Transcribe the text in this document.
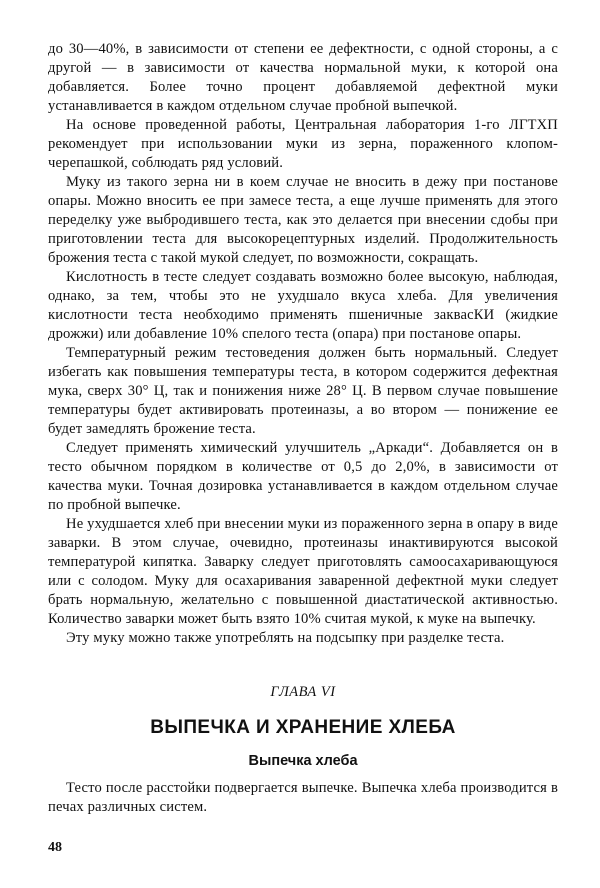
до 30—40%, в зависимости от степени ее дефектности, с одной стороны, а с другой — в зависимости от качества нормальной муки, к которой она добавляется. Более точно процент добавляемой дефектной муки устанавливается в каждом отдельном случае пробной выпечкой.

На основе проведенной работы, Центральная лаборатория 1-го ЛГТХП рекомендует при использовании муки из зерна, пораженного клопом-черепашкой, соблюдать ряд условий.

Муку из такого зерна ни в коем случае не вносить в дежу при постанове опары. Можно вносить ее при замесе теста, а еще лучше применять для этого переделку уже выбродившего теста, как это делается при внесении сдобы при приготовлении теста для высокорецептурных изделий. Продолжительность брожения теста с такой мукой следует, по возможности, сокращать.

Кислотность в тесте следует создавать возможно более высокую, наблюдая, однако, за тем, чтобы это не ухудшало вкуса хлеба. Для увеличения кислотности теста необходимо применять пшеничные заквасКИ (жидкие дрожжи) или добавление 10% спелого теста (опара) при постанове опары.

Температурный режим тестоведения должен быть нормальный. Следует избегать как повышения температуры теста, в котором содержится дефектная мука, сверх 30° Ц, так и понижения ниже 28° Ц. В первом случае повышение температуры будет активировать протеиназы, а во втором — понижение ее будет замедлять брожение теста.

Следует применять химический улучшитель „Аркади“. Добавляется он в тесто обычном порядком в количестве от 0,5 до 2,0%, в зависимости от качества муки. Точная дозировка устанавливается в каждом отдельном случае по пробной выпечке.

Не ухудшается хлеб при внесении муки из пораженного зерна в опару в виде заварки. В этом случае, очевидно, протеиназы инактивируются высокой температурой кипятка. Заварку следует приготовлять самоосахаривающуюся или с солодом. Муку для осахаривания заваренной дефектной муки следует брать нормальную, желательно с повышенной диастатической активностью. Количество заварки может быть взято 10% считая мукой, к муке на выпечку.

Эту муку можно также употреблять на подсыпку при разделке теста.

ГЛАВА VI
ВЫПЕЧКА И ХРАНЕНИЕ ХЛЕБА
Выпечка хлеба

Тесто после расстойки подвергается выпечке. Выпечка хлеба производится в печах различных систем.

48
